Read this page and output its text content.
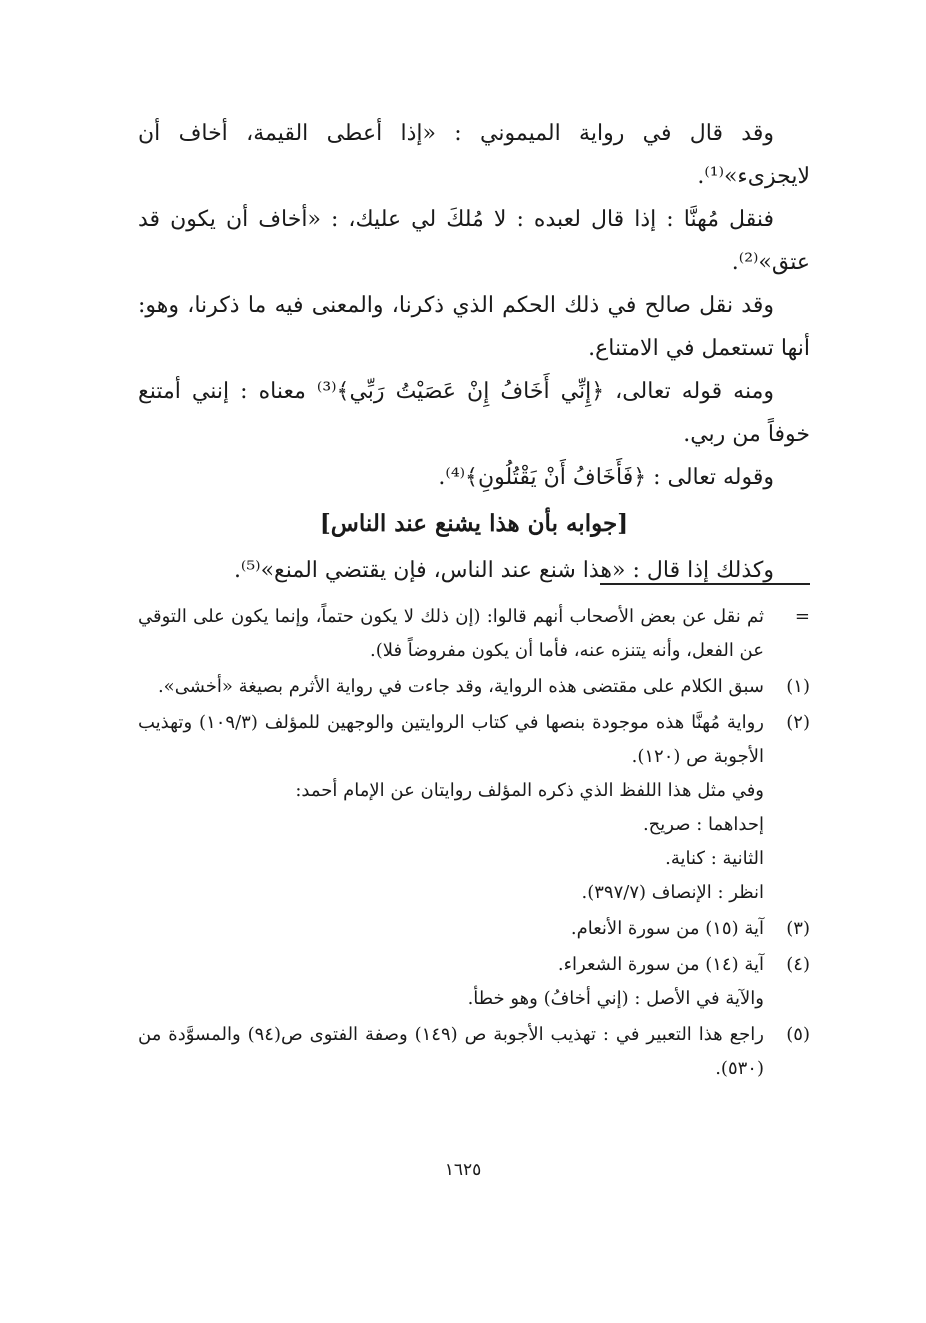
وقد قال في رواية الميموني : «إذا أعطى القيمة، أخاف أن لايجزىء»⁽¹⁾.

فنقل مُهنَّا : إذا قال لعبده : لا مُلكَ لي عليك، : «أخاف أن يكون قد عتق»⁽²⁾.

وقد نقل صالح في ذلك الحكم الذي ذكرنا، والمعنى فيه ما ذكرنا، وهو: أنها تستعمل في الامتناع.

ومنه قوله تعالى، ﴿إِنِّي أَخَافُ إِنْ عَصَيْتُ رَبِّي﴾⁽³⁾ معناه : إنني أمتنع خوفاً من ربي.

وقوله تعالى : ﴿فَأَخَافُ أَنْ يَقْتُلُونِ﴾⁽⁴⁾.

[جوابه بأن هذا يشنع عند الناس]

وكذلك إذا قال : «هذا شنع عند الناس، فإن يقتضي المنع»⁽⁵⁾.

=
ثم نقل عن بعض الأصحاب أنهم قالوا: (إن ذلك لا يكون حتماً، وإنما يكون على التوقي عن الفعل، وأنه يتنزه عنه، فأما أن يكون مفروضاً فلا).
(١)
سبق الكلام على مقتضى هذه الرواية، وقد جاءت في رواية الأثرم بصيغة «أخشى».
(٢)
رواية مُهنَّا هذه موجودة بنصها في كتاب الروايتين والوجهين للمؤلف (١٠٩/٣) وتهذيب الأجوبة ص (١٢٠).
وفي مثل هذا اللفظ الذي ذكره المؤلف روايتان عن الإمام أحمد:
إحداهما : صريح.
الثانية : كناية.
انظر : الإنصاف (٣٩٧/٧).
(٣)
آية (١٥) من سورة الأنعام.
(٤)
آية (١٤) من سورة الشعراء.
والآية في الأصل : (إني أخافُ) وهو خطأ.
(٥)
راجع هذا التعبير في : تهذيب الأجوبة ص (١٤٩) وصفة الفتوى ص(٩٤) والمسوَّدة من (٥٣٠).
١٦٢٥
